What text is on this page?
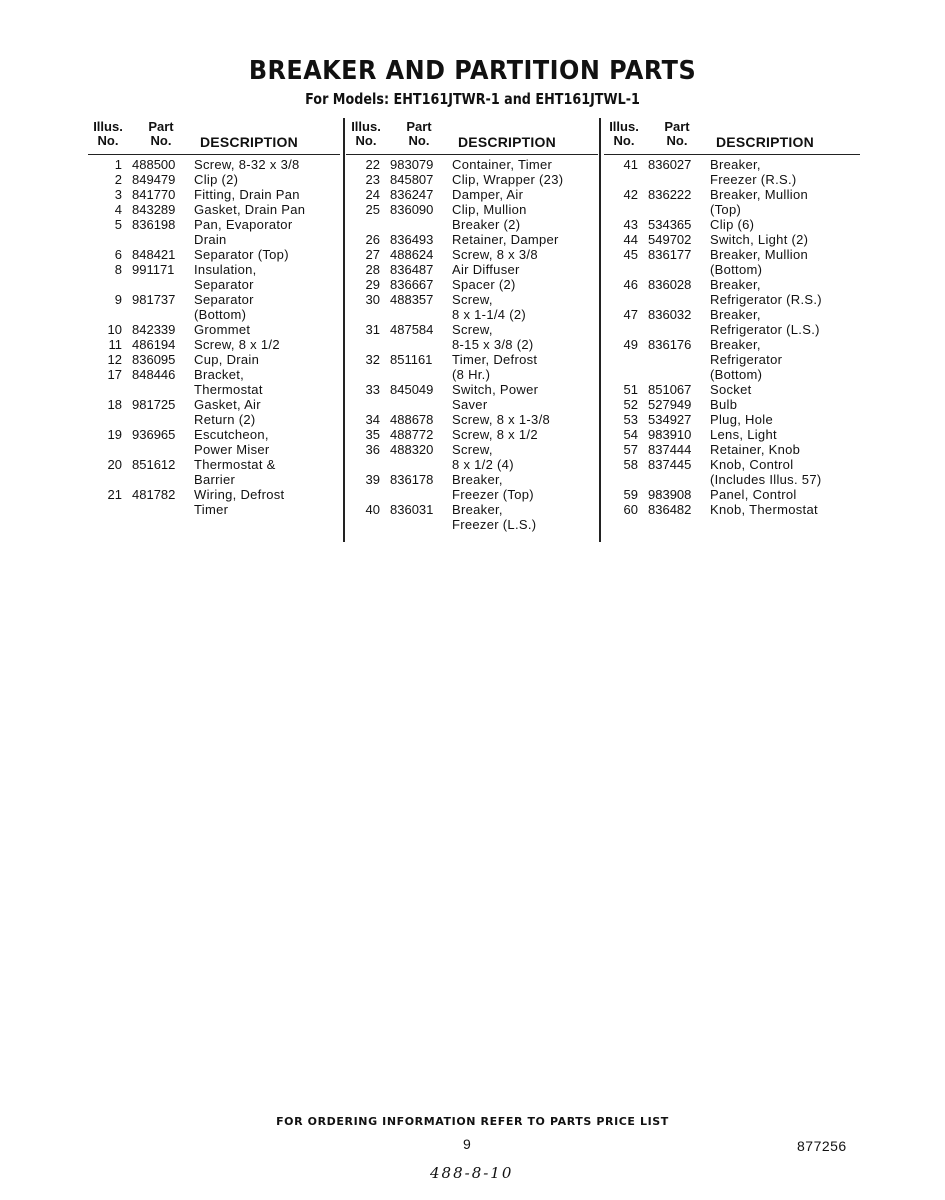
BREAKER AND PARTITION PARTS
For Models: EHT161JTWR-1 and EHT161JTWL-1
Illus.
No.
Part
No.	DESCRIPTION
1 488500	Screw, 8-32 x 3/8
2 849479	Clip (2)
3 841770	Fitting, Drain Pan
4 843289	Gasket, Drain Pan
5 836198	Pan, Evaporator
Drain
6 848421	Separator (Top)
8 991171	Insulation,
Separator
9 981737	Separator
(Bottom)
10 842339	Grommet
11 486194	Screw, 8 x 1/2
12 836095	Cup, Drain
17 848446	Bracket,
Thermostat
18 981725	Gasket, Air
Return (2)
19 936965	Escutcheon,
Power Miser
20 851612	Thermostat &
Barrier
21 481782	Wiring, Defrost
Timer
Illus.
No.
Part
No.	DESCRIPTION
22 983079	Container, Timer
23 845807	Clip, Wrapper (23)
24 836247	Damper, Air
25 836090	Clip, Mullion
Breaker (2)
26 836493	Retainer, Damper
27 488624	Screw, 8 x 3/8
28 836487	Air Diffuser
29 836667	Spacer (2)
30 488357	Screw,
8 x 1-1/4 (2)
31 487584	Screw,
8-15 x 3/8 (2)
32 851161	Timer, Defrost
(8 Hr.)
33 845049	Switch, Power
Saver
34 488678	Screw, 8 x 1-3/8
35 488772	Screw, 8 x 1/2
36 488320	Screw,
8 x 1/2 (4)
39 836178	Breaker,
Freezer (Top)
40 836031	Breaker,
Freezer (L.S.)
Illus.
No.
Part
No.	DESCRIPTION
41 836027	Breaker,
Freezer (R.S.)
42 836222	Breaker, Mullion
(Top)
43 534365	Clip (6)
44 549702	Switch, Light (2)
45 836177	Breaker, Mullion
(Bottom)
46 836028	Breaker,
Refrigerator (R.S.)
47 836032	Breaker,
Refrigerator (L.S.)
49 836176	Breaker,
Refrigerator
(Bottom)
51 851067	Socket
52 527949	Bulb
53 534927	Plug, Hole
54 983910	Lens, Light
57 837444	Retainer, Knob
58 837445	Knob, Control
(Includes Illus. 57)
59 983908	Panel, Control
60 836482	Knob, Thermostat
FOR ORDERING INFORMATION REFER TO PARTS PRICE LIST
9	877256
488-8-10
